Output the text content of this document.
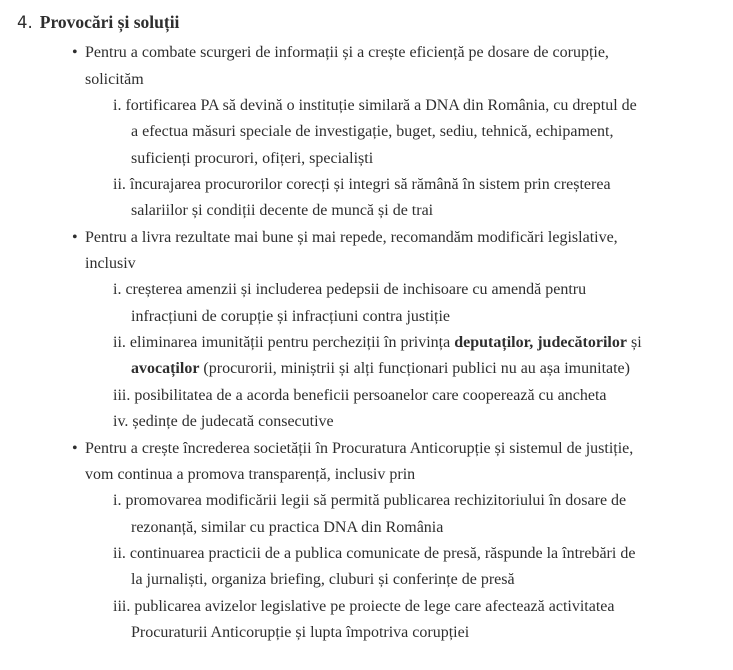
4. Provocări și soluții
• Pentru a combate scurgeri de informații și a crește eficiență pe dosare de corupție,
solicităm
i. fortificarea PA să devină o instituție similară a DNA din România, cu dreptul de
a efectua măsuri speciale de investigație, buget, sediu, tehnică, echipament,
suficienți procurori, ofițeri, specialiști
ii. încurajarea procurorilor corecți și integri să rămână în sistem prin creșterea
salariilor și condiții decente de muncă și de trai
• Pentru a livra rezultate mai bune și mai repede, recomandăm modificări legislative,
inclusiv
i. creșterea amenzii și includerea pedepsii de inchisoare cu amendă pentru
infracțiuni de corupție și infracțiuni contra justiție
ii. eliminarea imunității pentru percheziții în privința deputaților, judecătorilor și
avocaților (procurorii, miniștrii și alți funcționari publici nu au așa imunitate)
iii. posibilitatea de a acorda beneficii persoanelor care cooperează cu ancheta
iv. ședințe de judecată consecutive
• Pentru a crește încrederea societății în Procuratura Anticorupție și sistemul de justiție,
vom continua a promova transparență, inclusiv prin
i. promovarea modificării legii să permită publicarea rechizitoriului în dosare de
rezonanță, similar cu practica DNA din România
ii. continuarea practicii de a publica comunicate de presă, răspunde la întrebări de
la jurnaliști, organiza briefing, cluburi și conferințe de presă
iii. publicarea avizelor legislative pe proiecte de lege care afectează activitatea
Procuraturii Anticorupție și lupta împotriva corupției
